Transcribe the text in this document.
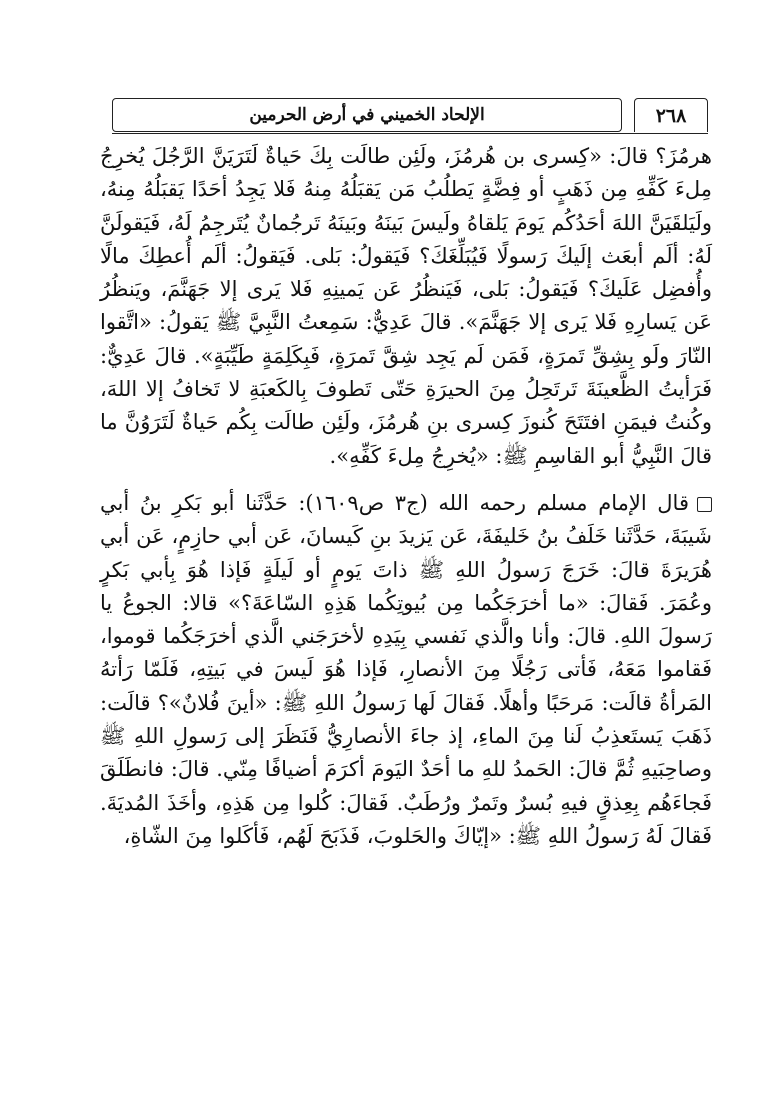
الإلحاد الخميني في أرض الحرمين	٢٦٨

هرمُزَ؟ قالَ: «كِسرى بن هُرمُزَ، ولَئِن طالَت بِكَ حَياةٌ لَتَرَيَنَّ الرَّجُلَ يُخرِجُ مِلءَ كَفِّهِ مِن ذَهَبٍ أو فِضَّةٍ يَطلُبُ مَن يَقبَلُهُ مِنهُ فَلا يَجِدُ أحَدًا يَقبَلُهُ مِنهُ، ولَيَلقَيَنَّ اللهَ أحَدُكُم يَومَ يَلقاهُ ولَيسَ بَينَهُ وبَينَهُ تَرجُمانٌ يُتَرجِمُ لَهُ، فَيَقولَنَّ لَهُ: ألَم أبعَث إلَيكَ رَسولًا فَيُبَلِّغَكَ؟ فَيَقولُ: بَلى. فَيَقولُ: ألَم أُعطِكَ مالًا وأُفضِل عَلَيكَ؟ فَيَقولُ: بَلى، فَيَنظُرُ عَن يَمينِهِ فَلا يَرى إلا جَهَنَّمَ، ويَنظُرُ عَن يَسارِهِ فَلا يَرى إلا جَهَنَّمَ». قالَ عَدِيٌّ: سَمِعتُ النَّبِيَّ ﷺ يَقولُ: «اتَّقوا النّارَ ولَو بِشِقِّ تَمرَةٍ، فَمَن لَم يَجِد شِقَّ تَمرَةٍ، فَبِكَلِمَةٍ طَيِّبَةٍ». قالَ عَدِيٌّ: فَرَأيتُ الظَّعينَةَ تَرتَحِلُ مِنَ الحيرَةِ حَتّى تَطوفَ بِالكَعبَةِ لا تَخافُ إلا اللهَ، وكُنتُ فيمَنِ افتَتَحَ كُنوزَ كِسرى بنِ هُرمُزَ، ولَئِن طالَت بِكُم حَياةٌ لَتَرَوُنَّ ما قالَ النَّبِيُّ أبو القاسِمِ ﷺ: «يُخرِجُ مِلءَ كَفِّهِ».

قال الإمام مسلم رحمه الله (ج٣ ص١٦٠٩): حَدَّثَنا أبو بَكرِ بنُ أبي شَيبَةَ، حَدَّثَنا خَلَفُ بنُ خَليفَةَ، عَن يَزيدَ بنِ كَيسانَ، عَن أبي حازِمٍ، عَن أبي هُرَيرَةَ قالَ: خَرَجَ رَسولُ اللهِ ﷺ ذاتَ يَومٍ أو لَيلَةٍ فَإذا هُوَ بِأبي بَكرٍ وعُمَرَ. فَقالَ: «ما أخرَجَكُما مِن بُيوتِكُما هَذِهِ السّاعَةَ؟» قالا: الجوعُ يا رَسولَ اللهِ. قالَ: وأنا والَّذي نَفسي بِيَدِهِ لأخرَجَني الَّذي أخرَجَكُما قوموا، فَقاموا مَعَهُ، فَأتى رَجُلًا مِنَ الأنصارِ، فَإذا هُوَ لَيسَ في بَيتِهِ، فَلَمّا رَأتهُ المَرأةُ قالَت: مَرحَبًا وأهلًا. فَقالَ لَها رَسولُ اللهِ ﷺ: «أينَ فُلانٌ»؟ قالَت: ذَهَبَ يَستَعذِبُ لَنا مِنَ الماءِ، إذ جاءَ الأنصارِيُّ فَنَظَرَ إلى رَسولِ اللهِ ﷺ وصاحِبَيهِ ثُمَّ قالَ: الحَمدُ للهِ ما أحَدٌ اليَومَ أكرَمَ أضيافًا مِنّي. قالَ: فانطَلَقَ فَجاءَهُم بِعِذقٍ فيهِ بُسرٌ وتَمرٌ ورُطَبٌ. فَقالَ: كُلوا مِن هَذِهِ، وأخَذَ المُديَةَ. فَقالَ لَهُ رَسولُ اللهِ ﷺ: «إيّاكَ والحَلوبَ، فَذَبَحَ لَهُم، فَأكَلوا مِنَ الشّاةِ،
